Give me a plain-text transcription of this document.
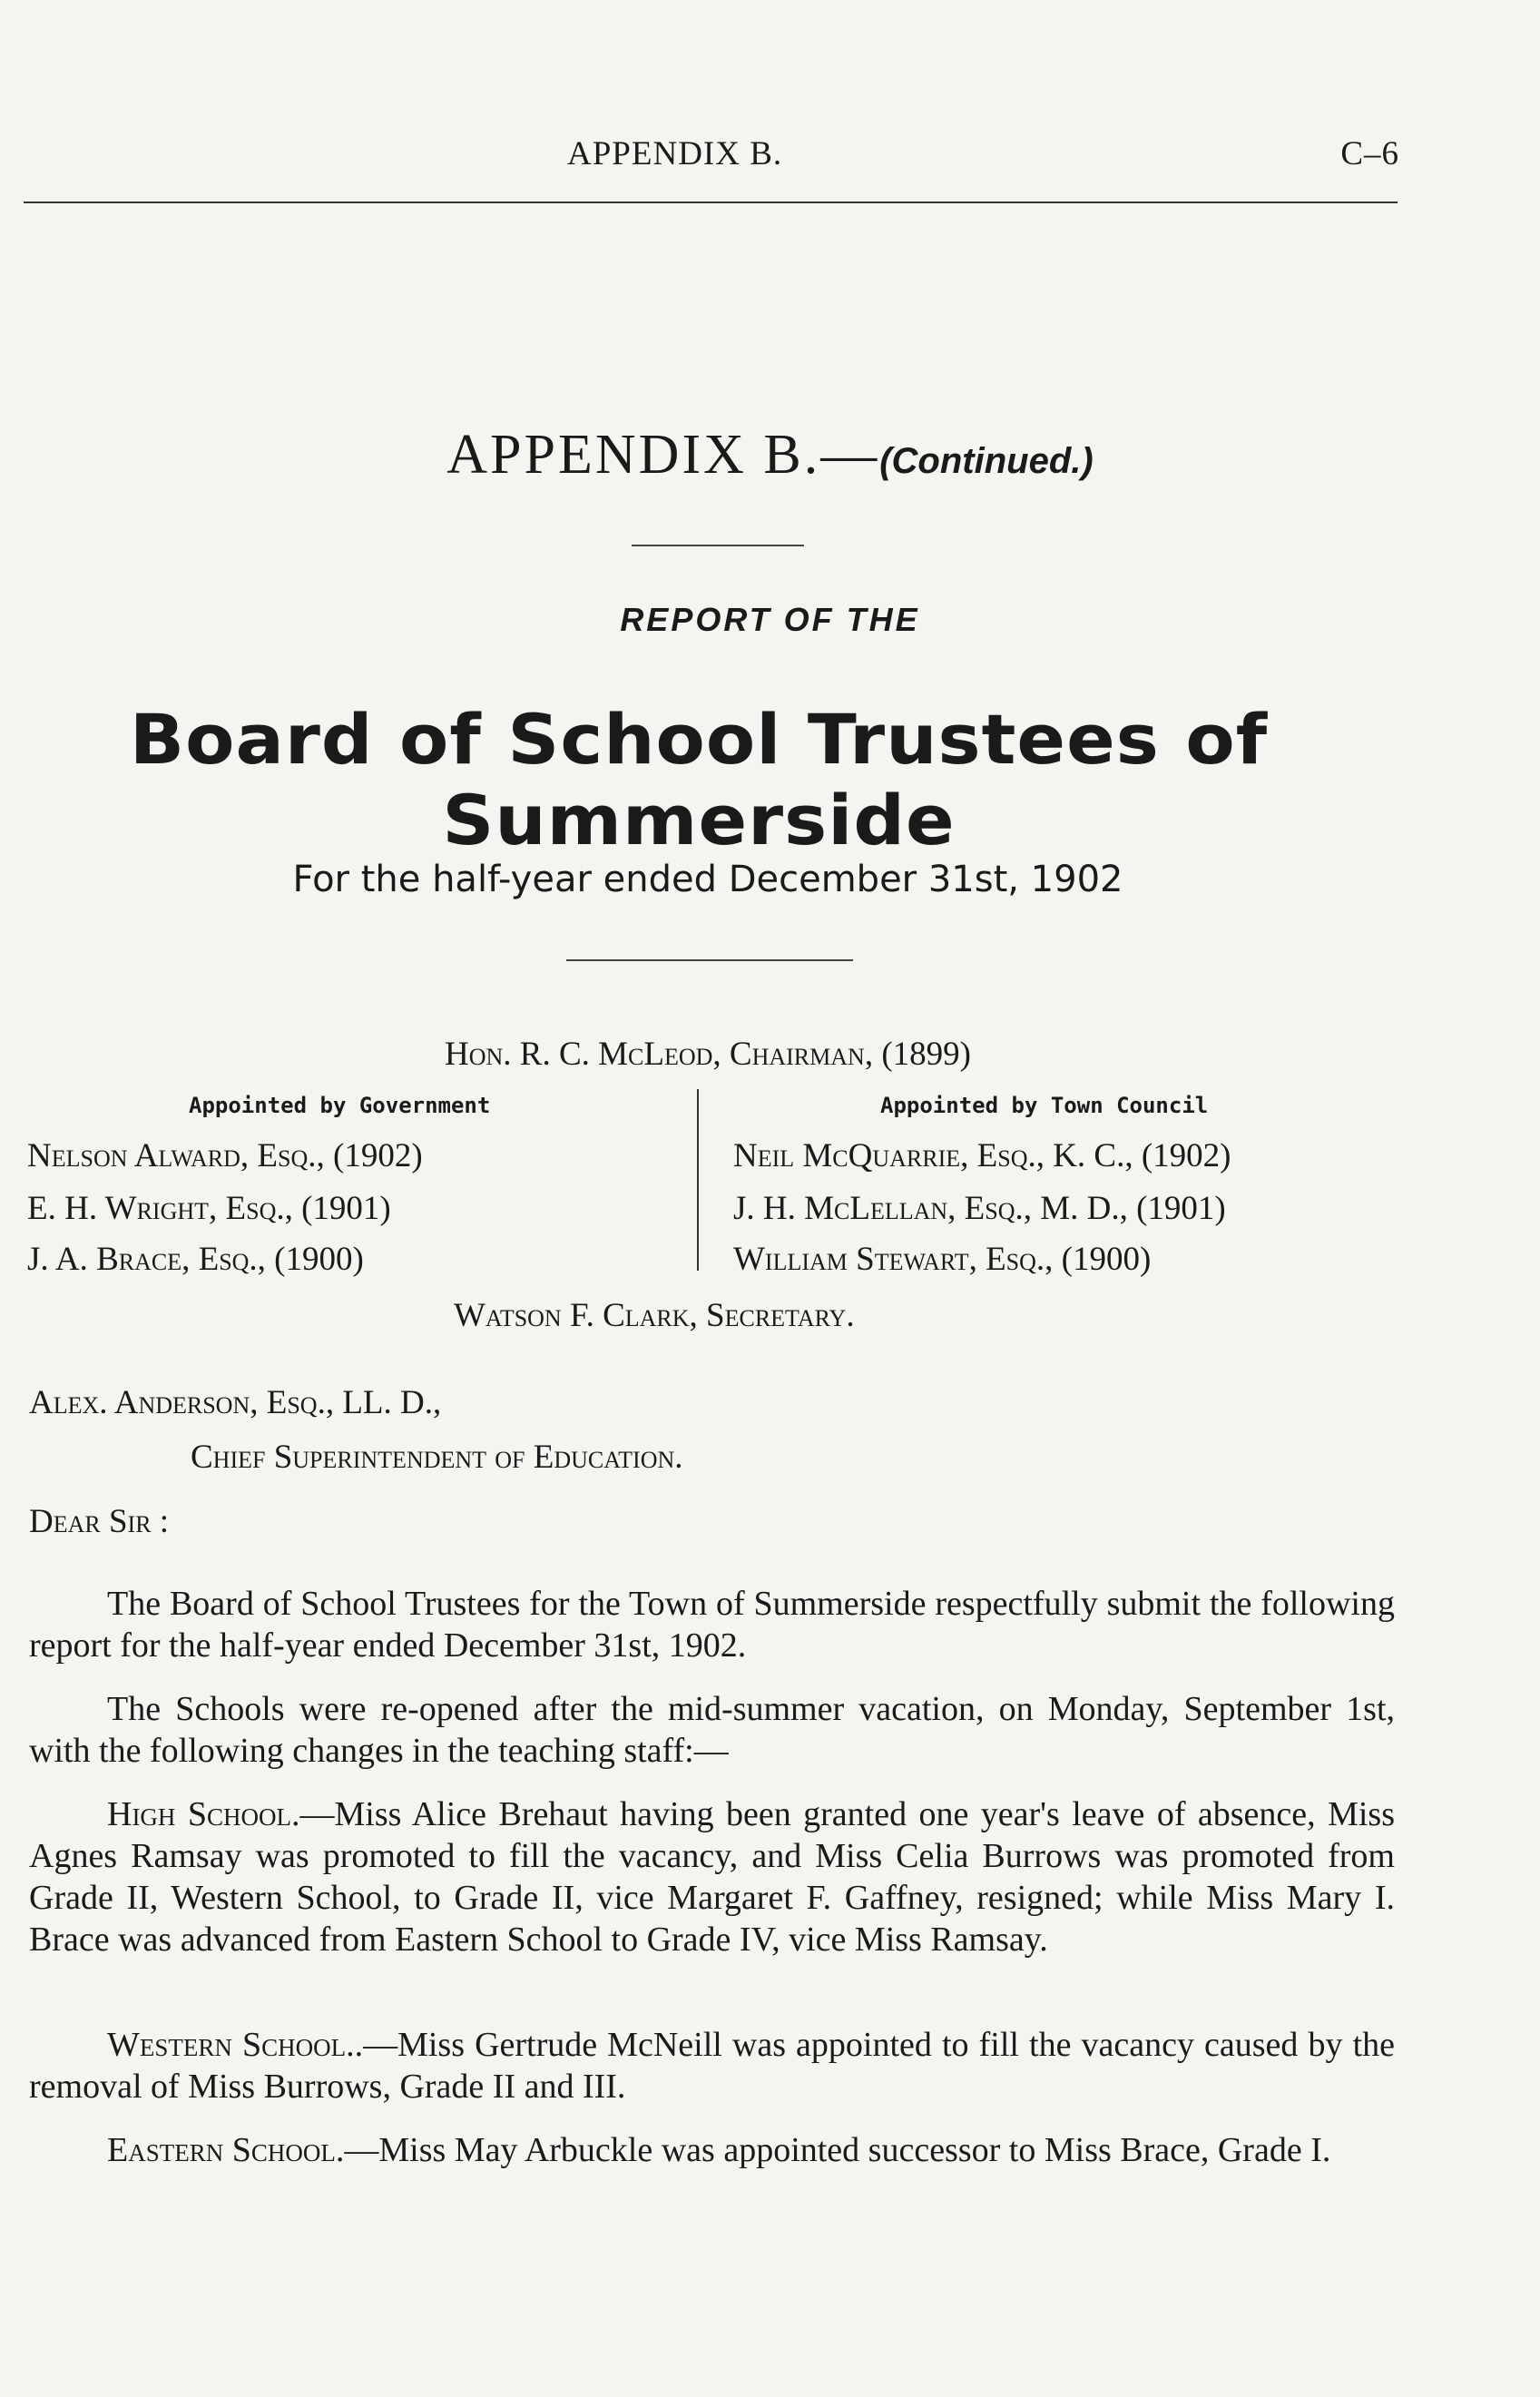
APPENDIX B.	C–6
APPENDIX B.—(Continued.)
REPORT OF THE
Board of School Trustees of Summerside
For the half-year ended December 31st, 1902
Hon. R. C. McLeod, Chairman, (1899)
Appointed by Government	Appointed by Town Council
Nelson Alward, Esq., (1902)
E. H. Wright, Esq., (1901)
J. A. Brace, Esq., (1900)
Neil McQuarrie, Esq., K. C., (1902)
J. H. McLellan, Esq., M. D., (1901)
William Stewart, Esq., (1900)
Watson F. Clark, Secretary.
Alex. Anderson, Esq., LL. D.,
Chief Superintendent of Education.
Dear Sir :
The Board of School Trustees for the Town of Summerside respectfully submit the following report for the half-year ended December 31st, 1902.
The Schools were re-opened after the mid-summer vacation, on Monday, September 1st, with the following changes in the teaching staff:—
High School.—Miss Alice Brehaut having been granted one year's leave of absence, Miss Agnes Ramsay was promoted to fill the vacancy, and Miss Celia Burrows was promoted from Grade II, Western School, to Grade II, vice Margaret F. Gaffney, resigned; while Miss Mary I. Brace was advanced from Eastern School to Grade IV, vice Miss Ramsay.
Western School..—Miss Gertrude McNeill was appointed to fill the vacancy caused by the removal of Miss Burrows, Grade II and III.
Eastern School.—Miss May Arbuckle was appointed successor to Miss Brace, Grade I.
